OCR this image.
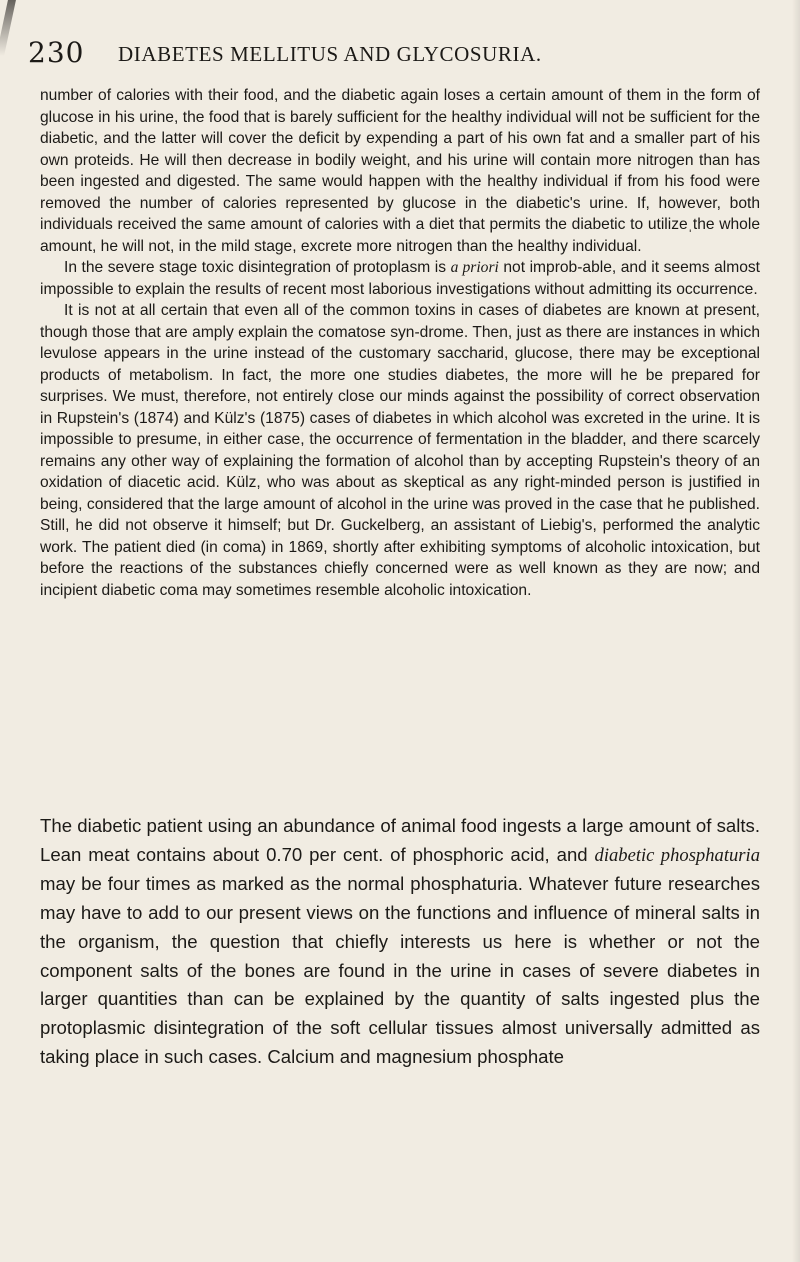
230 DIABETES MELLITUS AND GLYCOSURIA.

number of calories with their food, and the diabetic again loses a certain amount of them in the form of glucose in his urine, the food that is barely sufficient for the healthy individual will not be sufficient for the diabetic, and the latter will cover the deficit by expending a part of his own fat and a smaller part of his own proteids. He will then decrease in bodily weight, and his urine will contain more nitrogen than has been ingested and digested. The same would happen with the healthy individual if from his food were removed the number of calories represented by glucose in the diabetic's urine. If, however, both individuals received the same amount of calories with a diet that permits the diabetic to utilizeˌthe whole amount, he will not, in the mild stage, excrete more nitrogen than the healthy individual.

In the severe stage toxic disintegration of protoplasm is a priori not improb-able, and it seems almost impossible to explain the results of recent most laborious investigations without admitting its occurrence.

It is not at all certain that even all of the common toxins in cases of diabetes are known at present, though those that are amply explain the comatose syn-drome. Then, just as there are instances in which levulose appears in the urine instead of the customary saccharid, glucose, there may be exceptional products of metabolism. In fact, the more one studies diabetes, the more will he be prepared for surprises. We must, therefore, not entirely close our minds against the possibility of correct observation in Rupstein's (1874) and Külz's (1875) cases of diabetes in which alcohol was excreted in the urine. It is impossible to presume, in either case, the occurrence of fermentation in the bladder, and there scarcely remains any other way of explaining the formation of alcohol than by accepting Rupstein's theory of an oxidation of diacetic acid. Külz, who was about as skeptical as any right-minded person is justified in being, considered that the large amount of alcohol in the urine was proved in the case that he published. Still, he did not observe it himself; but Dr. Guckelberg, an assistant of Liebig's, performed the analytic work. The patient died (in coma) in 1869, shortly after exhibiting symptoms of alcoholic intoxication, but before the reactions of the substances chiefly concerned were as well known as they are now; and incipient diabetic coma may sometimes resemble alcoholic intoxication.

The diabetic patient using an abundance of animal food ingests a large amount of salts. Lean meat contains about 0.70 per cent. of phosphoric acid, and diabetic phosphaturia may be four times as marked as the normal phosphaturia. Whatever future researches may have to add to our present views on the functions and influence of mineral salts in the organism, the question that chiefly interests us here is whether or not the component salts of the bones are found in the urine in cases of severe diabetes in larger quantities than can be explained by the quantity of salts ingested plus the protoplasmic disintegration of the soft cellular tissues almost universally admitted as taking place in such cases. Calcium and magnesium phosphate
